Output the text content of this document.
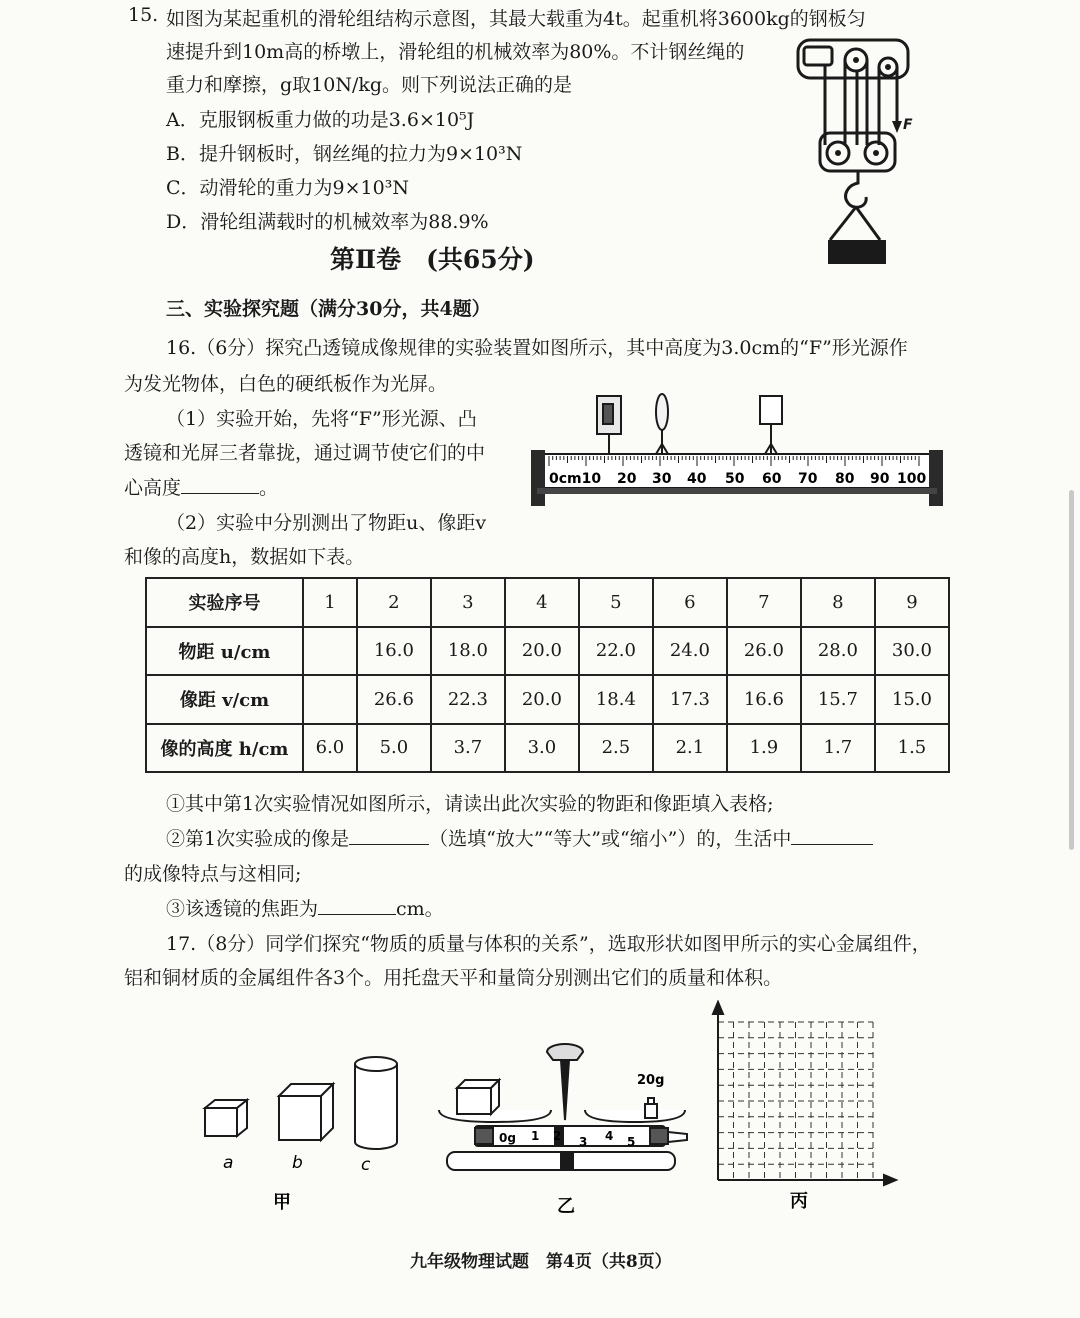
15. 如图为某起重机的滑轮组结构示意图，其最大载重为4t。起重机将3600kg的钢板匀
速提升到10m高的桥墩上，滑轮组的机械效率为80%。不计钢丝绳的
重力和摩擦，g取10N/kg。则下列说法正确的是
A．克服钢板重力做的功是3.6×10⁵J
B．提升钢板时，钢丝绳的拉力为9×10³N
C．动滑轮的重力为9×10³N
D．滑轮组满载时的机械效率为88.9%
F
第Ⅱ卷　(共65分)
三、实验探究题（满分30分，共4题）
16.（6分）探究凸透镜成像规律的实验装置如图所示，其中高度为3.0cm的“F”形光源作
为发光物体，白色的硬纸板作为光屏。
（1）实验开始，先将“F”形光源、凸
透镜和光屏三者靠拢，通过调节使它们的中
心高度	。
（2）实验中分别测出了物距u、像距v
和像的高度h，数据如下表。
0cm10 20 30 40 50 60 70 80 90 100
实验序号	1	2	3	4	5	6	7	8	9
物距 u/cm		16.0	18.0	20.0	22.0	24.0	26.0	28.0	30.0
像距 v/cm		26.6	22.3	20.0	18.4	17.3	16.6	15.7	15.0
像的高度 h/cm	6.0	5.0	3.7	3.0	2.5	2.1	1.9	1.7	1.5
①其中第1次实验情况如图所示，请读出此次实验的物距和像距填入表格;
②第1次实验成的像是	（选填“放大”“等大”或“缩小”）的，生活中
的成像特点与这相同;
③该透镜的焦距为	cm。
17.（8分）同学们探究“物质的质量与体积的关系”，选取形状如图甲所示的实心金属组件，
铝和铜材质的金属组件各3个。用托盘天平和量筒分别测出它们的质量和体积。
a	b	c
甲
20g
0g 1 2 3 4 5
乙	丙
九年级物理试题　第4页（共8页）
